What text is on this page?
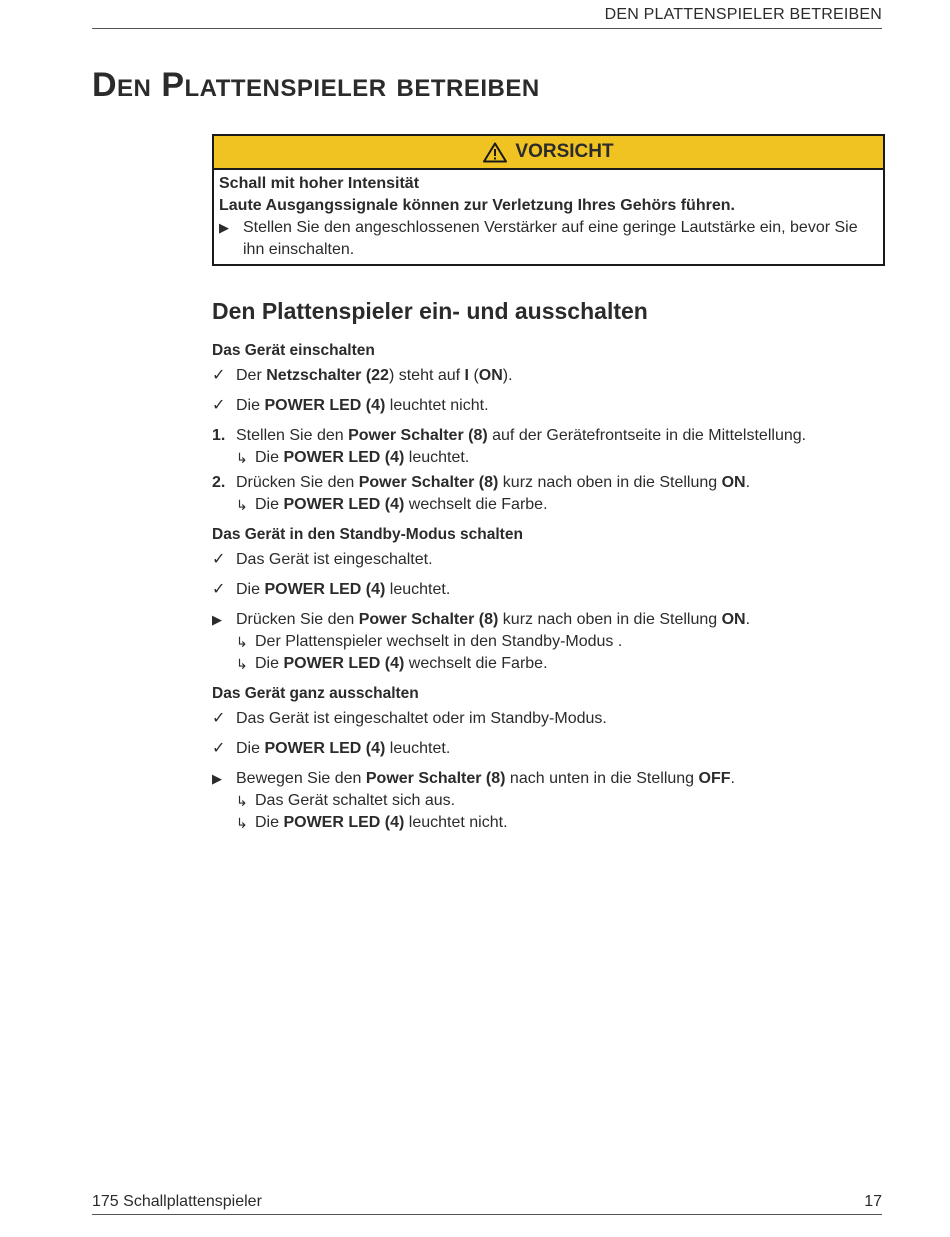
DEN PLATTENSPIELER BETREIBEN
Den Plattenspieler betreiben
VORSICHT
Schall mit hoher Intensität
Laute Ausgangssignale können zur Verletzung Ihres Gehörs führen.
▶ Stellen Sie den angeschlossenen Verstärker auf eine geringe Lautstärke ein, bevor Sie ihn einschalten.
Den Plattenspieler ein- und ausschalten
Das Gerät einschalten
✓ Der Netzschalter (22) steht auf I (ON).
✓ Die POWER LED (4) leuchtet nicht.
1. Stellen Sie den Power Schalter (8) auf der Gerätefrontseite in die Mittelstellung.
↳ Die POWER LED (4) leuchtet.
2. Drücken Sie den Power Schalter (8) kurz nach oben in die Stellung ON.
↳ Die POWER LED (4) wechselt die Farbe.
Das Gerät in den Standby-Modus schalten
✓ Das Gerät ist eingeschaltet.
✓ Die POWER LED (4) leuchtet.
▶ Drücken Sie den Power Schalter (8) kurz nach oben in die Stellung ON.
↳ Der Plattenspieler wechselt in den Standby-Modus .
↳ Die POWER LED (4) wechselt die Farbe.
Das Gerät ganz ausschalten
✓ Das Gerät ist eingeschaltet oder im Standby-Modus.
✓ Die POWER LED (4) leuchtet.
▶ Bewegen Sie den Power Schalter (8) nach unten in die Stellung OFF.
↳ Das Gerät schaltet sich aus.
↳ Die POWER LED (4) leuchtet nicht.
175 Schallplattenspieler	17
